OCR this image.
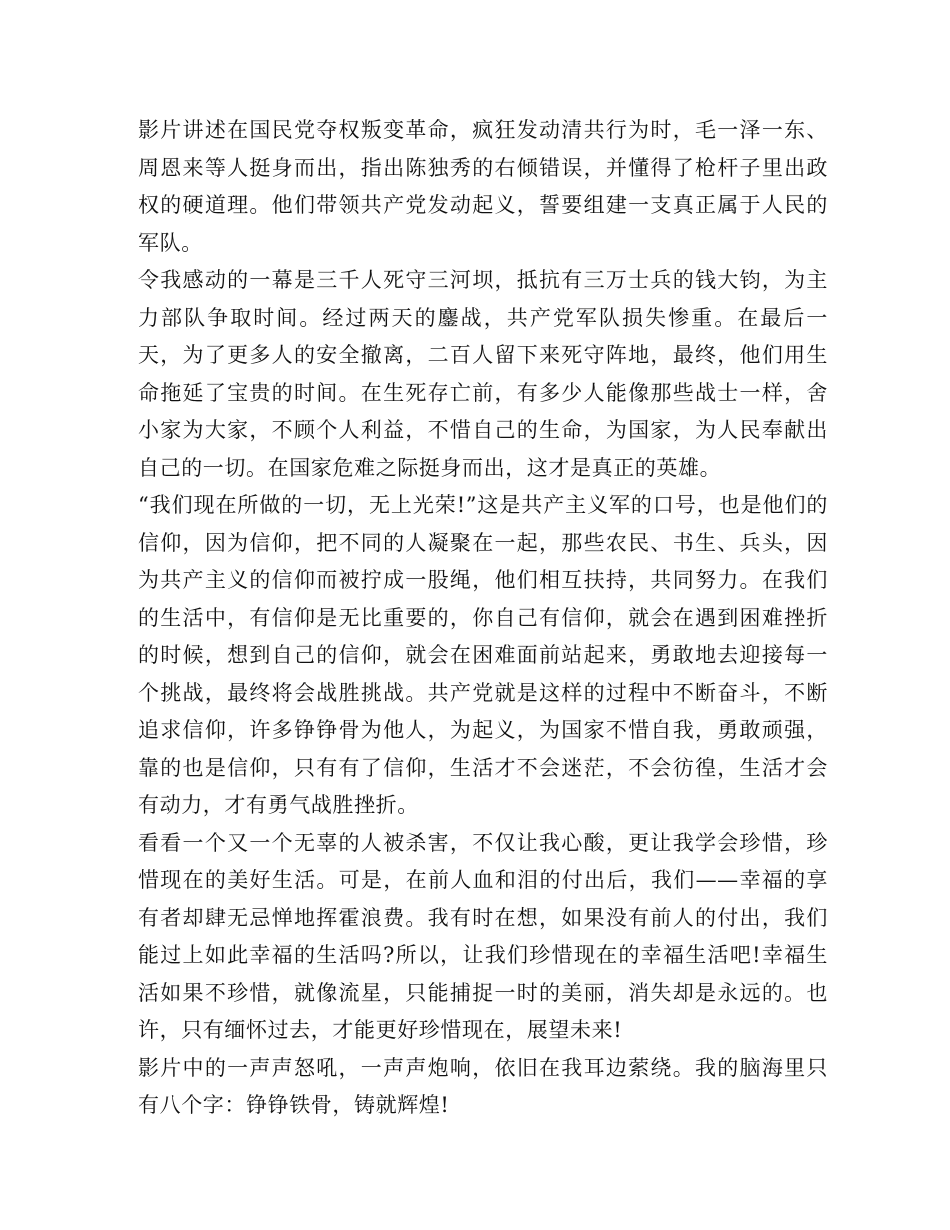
影片讲述在国民党夺权叛变革命，疯狂发动清共行为时，毛一泽一东、周恩来等人挺身而出，指出陈独秀的右倾错误，并懂得了枪杆子里出政权的硬道理。他们带领共产党发动起义，誓要组建一支真正属于人民的军队。

令我感动的一幕是三千人死守三河坝，抵抗有三万士兵的钱大钧，为主力部队争取时间。经过两天的鏖战，共产党军队损失惨重。在最后一天，为了更多人的安全撤离，二百人留下来死守阵地，最终，他们用生命拖延了宝贵的时间。在生死存亡前，有多少人能像那些战士一样，舍小家为大家，不顾个人利益，不惜自己的生命，为国家，为人民奉献出自己的一切。在国家危难之际挺身而出，这才是真正的英雄。

“我们现在所做的一切，无上光荣!”这是共产主义军的口号，也是他们的信仰，因为信仰，把不同的人凝聚在一起，那些农民、书生、兵头，因为共产主义的信仰而被拧成一股绳，他们相互扶持，共同努力。在我们的生活中，有信仰是无比重要的，你自己有信仰，就会在遇到困难挫折的时候，想到自己的信仰，就会在困难面前站起来，勇敢地去迎接每一个挑战，最终将会战胜挑战。共产党就是这样的过程中不断奋斗，不断追求信仰，许多铮铮骨为他人，为起义，为国家不惜自我，勇敢顽强，靠的也是信仰，只有有了信仰，生活才不会迷茫，不会彷徨，生活才会有动力，才有勇气战胜挫折。

看看一个又一个无辜的人被杀害，不仅让我心酸，更让我学会珍惜，珍惜现在的美好生活。可是，在前人血和泪的付出后，我们——幸福的享有者却肆无忌惮地挥霍浪费。我有时在想，如果没有前人的付出，我们能过上如此幸福的生活吗?所以，让我们珍惜现在的幸福生活吧!幸福生活如果不珍惜，就像流星，只能捕捉一时的美丽，消失却是永远的。也许，只有缅怀过去，才能更好珍惜现在，展望未来!

影片中的一声声怒吼，一声声炮响，依旧在我耳边萦绕。我的脑海里只有八个字：铮铮铁骨，铸就辉煌!
